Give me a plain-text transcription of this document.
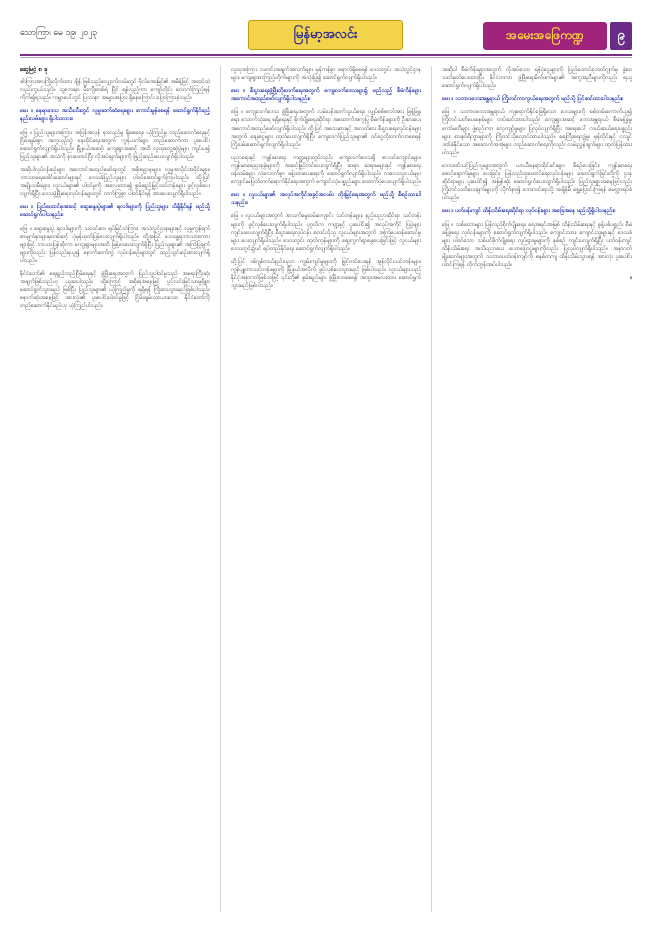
သောကြာ၊ မေ ၁၉၊ ၂၀၂၃	မြန်မာ့အလင်း	အမေးအဖြေကဏ္ဍ	၉
ဆွေမြင့် ၈ ခု

ခါးကြားအားကြိုးလိုက်ထား ချိန် ဖြစ်သည့်လျှောက်လမ်းတွင် ဗိုလ်အေးမြင့်၏ အမိန့်ဖြင့် အထင်ထဲလည်းကွယ်သည်။ သူ့ဘေးမှာ မီးကျီးတစ်ရဲ ပြိုင် ရန်လှည့်ကာ ကျော်တိုင်း လောက်ကြည့်ရန် ကိုက်၍ရသည်။ ကမ္ဘာပေါ်တွင် ပြဿနာ အများအပြား ရှိနေကြောင်း ပြောကြားခဲ့သည်။

မေး ။ နေရာဒေသ အသီးသီးတွင် လူမှုဆက်ဆံရေးများ ကောင်းမွန်စေရန် ဆောင်ရွက်နိုင်မည့် နည်းလမ်းများ ရှိပါသလား။

ဖြေ ။ ပြည်သူများအကြား အပြန်အလှန် နားလည်မှု ရှိစေရေး၊ ယုံကြည်မှု တည်ဆောက်ရေးနှင့် ငြိမ်းချမ်းစွာ အတူယှဉ်တွဲ နေထိုင်ရေးအတွက် ကွန်ယက်များ တည်ဆောက်ကာ ပူးပေါင်းဆောင်ရွက်လျက်ရှိပါသည်။ မြို့နယ်အဆင့်၊ ကျေးရွာအဆင့် အထိ လူထုတွေ့ဆုံပွဲများ ကျင်းပ၍ ပြည်သူများ၏ အသံကို နားထောင်ပြီး လိုအပ်ချက်များကို ဖြည့်ဆည်းပေးလျက်ရှိပါသည်။

အဆိုပါလုပ်ငန်းစဉ်များ အကောင်အထည်ဖော်ရာတွင် အစိုးရဌာနများ၊ လူမှုအသိုင်းအဝိုင်းများ၊ ဘာသာရေးခေါင်းဆောင်များနှင့် ဒေသခံပြည်သူများ ပါဝင်ဆောင်ရွက်ကြပါသည်။ ထို့ပြင် အမျိုးသမီးများ၊ လူငယ်များ၏ ပါဝင်မှုကို အလေးထား၍ စွမ်းရည်မြှင့်သင်တန်းများ ဖွင့်လှစ်ပေးလျက်ရှိပြီး ဒေသဖွံ့ဖြိုးရေးလုပ်ငန်းများတွင် တက်ကြွစွာ ပါဝင်နိုင်ရန် အားပေးလျက်ရှိပါသည်။

မေး ။ ပြည်ထောင်စုအဆင့် ဆွေးနွေးပွဲများ၏ ရလဒ်များကို ပြည်သူများ သိရှိနိုင်ရန် မည်သို့ ဆောင်ရွက်ပါသနည်း။

ဖြေ ။ ဆွေးနွေးပွဲ ရလဒ်များကို သတင်းစာ၊ ရုပ်မြင်သံကြား၊ အသံလွှင့်ဌာနများနှင့် လူမှုကွန်ရက်စာမျက်နှာများမှတစ်ဆင့် ပုံမှန်ထုတ်ပြန်ပေးလျက်ရှိပါသည်။ ထို့အပြင် ဒေသန္တရဘာသာစကားများဖြင့် ဘာသာပြန်ဆိုကာ ကျေးရွာများအထိ ဖြန့်ဝေပေးလျက်ရှိပြီး ပြည်သူများ၏ အကြံပြုချက်များကိုလည်း ပြန်လည်ရယူ၍ နောက်ဆက်တွဲ လုပ်ငန်းစဉ်များတွင် ထည့်သွင်းစဉ်းစားလျက်ရှိပါသည်။

နိုင်ငံတော်၏ ရေရှည်တည်ငြိမ်ရေးနှင့် ဖွံ့ဖြိုးရေးအတွက် ပြည်သူ့ပါဝင်မှုသည် အရေးကြီးဆုံး အချက်ဖြစ်သည်ဟု ယူဆပါသည်။ ထို့ကြောင့် အစိုးရအနေဖြင့် ပွင့်လင်းမြင်သာမှုရှိစွာ ဆောင်ရွက်သွားမည် ဖြစ်ပြီး ပြည်သူများ၏ ယုံကြည်မှုကို ရရှိရန် ကြိုးစားသွားမည်ဖြစ်ပါသည်။ နောက်ဆုံးအနေဖြင့် အားလုံး၏ ပူးပေါင်းပါဝင်မှုဖြင့် ငြိမ်းချမ်းသာယာသော နိုင်ငံတော်ကို တည်ဆောက်နိုင်မည်ဟု ယုံကြည်ပါသည်။

လူထုအကြား သတင်းအချက်အလက်များ မှန်ကန်စွာ ရောက်ရှိစေရန် ဒေသတွင်း အသံလွှင့်ဌာနများ၊ ကျေးရွာစာကြည့်တိုက်များကို အသုံးပြု၍ ဆောင်ရွက်လျက်ရှိပါသည်။

မေး ။ စီးပွားရေးဖွံ့ဖြိုးတိုးတက်ရေးအတွက် ကျေးလက်ဒေသများ၌ မည်သည့် စီမံကိန်းများ အကောင်အထည်ဖော်လျက်ရှိပါသနည်း။

ဖြေ ။ ကျေးလက်ဒေသ ဖွံ့ဖြိုးရေးအတွက် လမ်းပန်းဆက်သွယ်ရေး၊ လျှပ်စစ်ဓာတ်အား ဖြန့်ဖြူးရေး၊ သောက်သုံးရေ ရရှိရေးနှင့် စိုက်ပျိုးရေးဆိုင်ရာ အထောက်အကူပြု စီမံကိန်းများကို ဦးစားပေး အကောင်အထည်ဖော်လျက်ရှိပါသည်။ ထို့ပြင် အသေးစားနှင့် အလတ်စား စီးပွားရေးလုပ်ငန်းများအတွက် ချေးငွေများ ထုတ်ပေးလျက်ရှိပြီး ကျေးလက်ပြည်သူများ၏ ဝင်ငွေတိုးတက်လာစေရန် ကြိုးပမ်းဆောင်ရွက်လျက်ရှိပါသည်။

ပညာရေးနှင့် ကျန်းမာရေး ကဏ္ဍများတွင်လည်း ကျေးလက်ဒေသရှိ စာသင်ကျောင်းများ၊ ကျန်းမာရေးဌာနခွဲများကို အဆင့်မြှင့်တင်ပေးလျက်ရှိပြီး ဆရာ၊ ဆရာမများနှင့် ကျန်းမာရေးဝန်ထမ်းများ လုံလောက်စွာ ခန့်ထားပေးရေးကို ဆောင်ရွက်လျက်ရှိပါသည်။ ကလေးသူငယ်များ ကျောင်းမပြတ်တက်ရောက်နိုင်ရေးအတွက် ကျောင်းသုံးပစ္စည်းများ ထောက်ပံ့ပေးလျက်ရှိပါသည်။

မေး ။ လူငယ်များ၏ အလုပ်အကိုင်အခွင့်အလမ်း တိုးမြှင့်ရေးအတွက် မည်သို့ စီစဉ်ထားပါသနည်း။

ဖြေ ။ လူငယ်များအတွက် အသက်မွေးဝမ်းကျောင်း သင်တန်းများ၊ နည်းပညာဆိုင်ရာ သင်တန်းများကို ဖွင့်လှစ်ပေးလျက်ရှိပါသည်။ ပုဂ္ဂလိက ကဏ္ဍနှင့် ပူးပေါင်း၍ အလုပ်အကိုင် ပြပွဲများ ကျင်းပပေးလျက်ရှိပြီး စီးပွားရေးလုပ်ငန်း စတင်လိုသူ လူငယ်များအတွက် အကြံပေးဝန်ဆောင်မှုများ ပေးလျက်ရှိပါသည်။ ဒေသတွင်း ထုတ်ကုန်များကို စျေးကွက်ရှာဖွေပေးခြင်းဖြင့် လူငယ်များ ဒေသတွင်း၌ပင် ရပ်တည်နိုင်ရေး ဆောင်ရွက်လျက်ရှိပါသည်။

ထို့ပြင် ဒစ်ဂျစ်တယ်နည်းပညာ ကျွမ်းကျင်မှုများကို မြှင့်တင်ပေးရန် အွန်လိုင်းသင်တန်းများ၊ ကွန်ပျူတာသင်တန်းများကို မြို့နယ်အလိုက် ဖွင့်လှစ်ပေးသွားမည် ဖြစ်ပါသည်။ လူငယ်များသည် နိုင်ငံ့အနာဂတ်ဖြစ်သဖြင့် ၎င်းတို့၏ စွမ်းရည်များ ဖွံ့ဖြိုးလာစေရန် အထူးအလေးထား ဆောင်ရွက်သွားမည်ဖြစ်ပါသည်။

အဆိုပါ စီမံကိန်းများအတွက် လိုအပ်သော ရန်ပုံငွေများကို ပြည်ထောင်စုဘတ်ဂျက်မှ ခွဲဝေသတ်မှတ်ပေးထားပြီး နိုင်ငံတကာ ဖွံ့ဖြိုးရေးမိတ်ဖက်များ၏ အကူအညီများကိုလည်း ရယူဆောင်ရွက်လျက်ရှိပါသည်။

မေး ။ သဘာဝဘေးအန္တရာယ် ကြိုတင်ကာကွယ်ရေးအတွက် မည်သို့ ပြင်ဆင်ထားပါသနည်း။

ဖြေ ။ သဘာဝဘေးအန္တရာယ် ကျရောက်နိုင်ခြေရှိသော ဒေသများကို စစ်တမ်းကောက်ယူ၍ ကြိုတင်သတိပေးစနစ်များ တပ်ဆင်ထားပါသည်။ ကျေးရွာအဆင့် ဘေးအန္တရာယ် စီမံခန့်ခွဲမှုကော်မတီများ ဖွဲ့စည်းကာ လေ့ကျင့်မှုများ ပြုလုပ်လျက်ရှိပြီး အရေးပေါ် ကယ်ဆယ်ရေးပစ္စည်းများ၊ စားနပ်ရိက္ခာများကို ကြိုတင်သိုလှောင်ထားပါသည်။ ရေကြီးရေလျှံမှု၊ မုန်တိုင်းနှင့် ငလျင်ဒဏ်ခံနိုင်သော အဆောက်အအုံများ တည်ဆောက်ရေးကိုလည်း လမ်းညွှန်ချက်များ ထုတ်ပြန်ထားပါသည်။

ဘေးဒဏ်သင့်ပြည်သူများအတွက် ယာယီနေရာထိုင်ခင်းများ စီစဉ်ပေးခြင်း၊ ကျန်းမာရေးစောင့်ရှောက်မှုများ ပေးခြင်း၊ ပြန်လည်ထူထောင်ရေးလုပ်ငန်းများ ဆောင်ရွက်ခြင်းတို့ကို ဌာနဆိုင်ရာများ ပူးပေါင်း၍ အမြန်ဆုံး ဆောင်ရွက်ပေးလျက်ရှိပါသည်။ ပြည်သူများအနေဖြင့်လည်း ကြိုတင်သတိပေးချက်များကို လိုက်နာ၍ ဘေးကင်းရာသို့ အချိန်မီ ရွှေ့ပြောင်းကြရန် မေတ္တာရပ်ခံပါသည်။

မေး ။ ပတ်ဝန်းကျင် ထိန်းသိမ်းရေးဆိုင်ရာ လုပ်ငန်းများ အခြေအနေ မည်သို့ရှိပါသနည်း။

ဖြေ ။ သစ်တောများ ပြန်လည်စိုက်ပျိုးရေး၊ ရေအရင်းအမြစ် ထိန်းသိမ်းရေးနှင့် စွန့်ပစ်ပစ္စည်း စီမံခန့်ခွဲရေး လုပ်ငန်းများကို ဆောင်ရွက်လျက်ရှိပါသည်။ ကျောင်းသား၊ ကျောင်းသူများနှင့် ဒေသခံများ ပါဝင်သော သစ်ပင်စိုက်ပျိုးရေး လှုပ်ရှားမှုများကို နှစ်စဉ် ကျင်းပလျက်ရှိပြီး ပတ်ဝန်းကျင် ထိန်းသိမ်းရေး အသိပညာပေး ဟောပြောပွဲများကိုလည်း ပြုလုပ်လျက်ရှိပါသည်။ အနာဂတ်မျိုးဆက်များအတွက် သဘာဝပတ်ဝန်းကျင်ကို စနစ်တကျ ထိန်းသိမ်းသွားရန် အားလုံး ပူးပေါင်းပါဝင်ကြရန် တိုက်တွန်းအပ်ပါသည်။

။
